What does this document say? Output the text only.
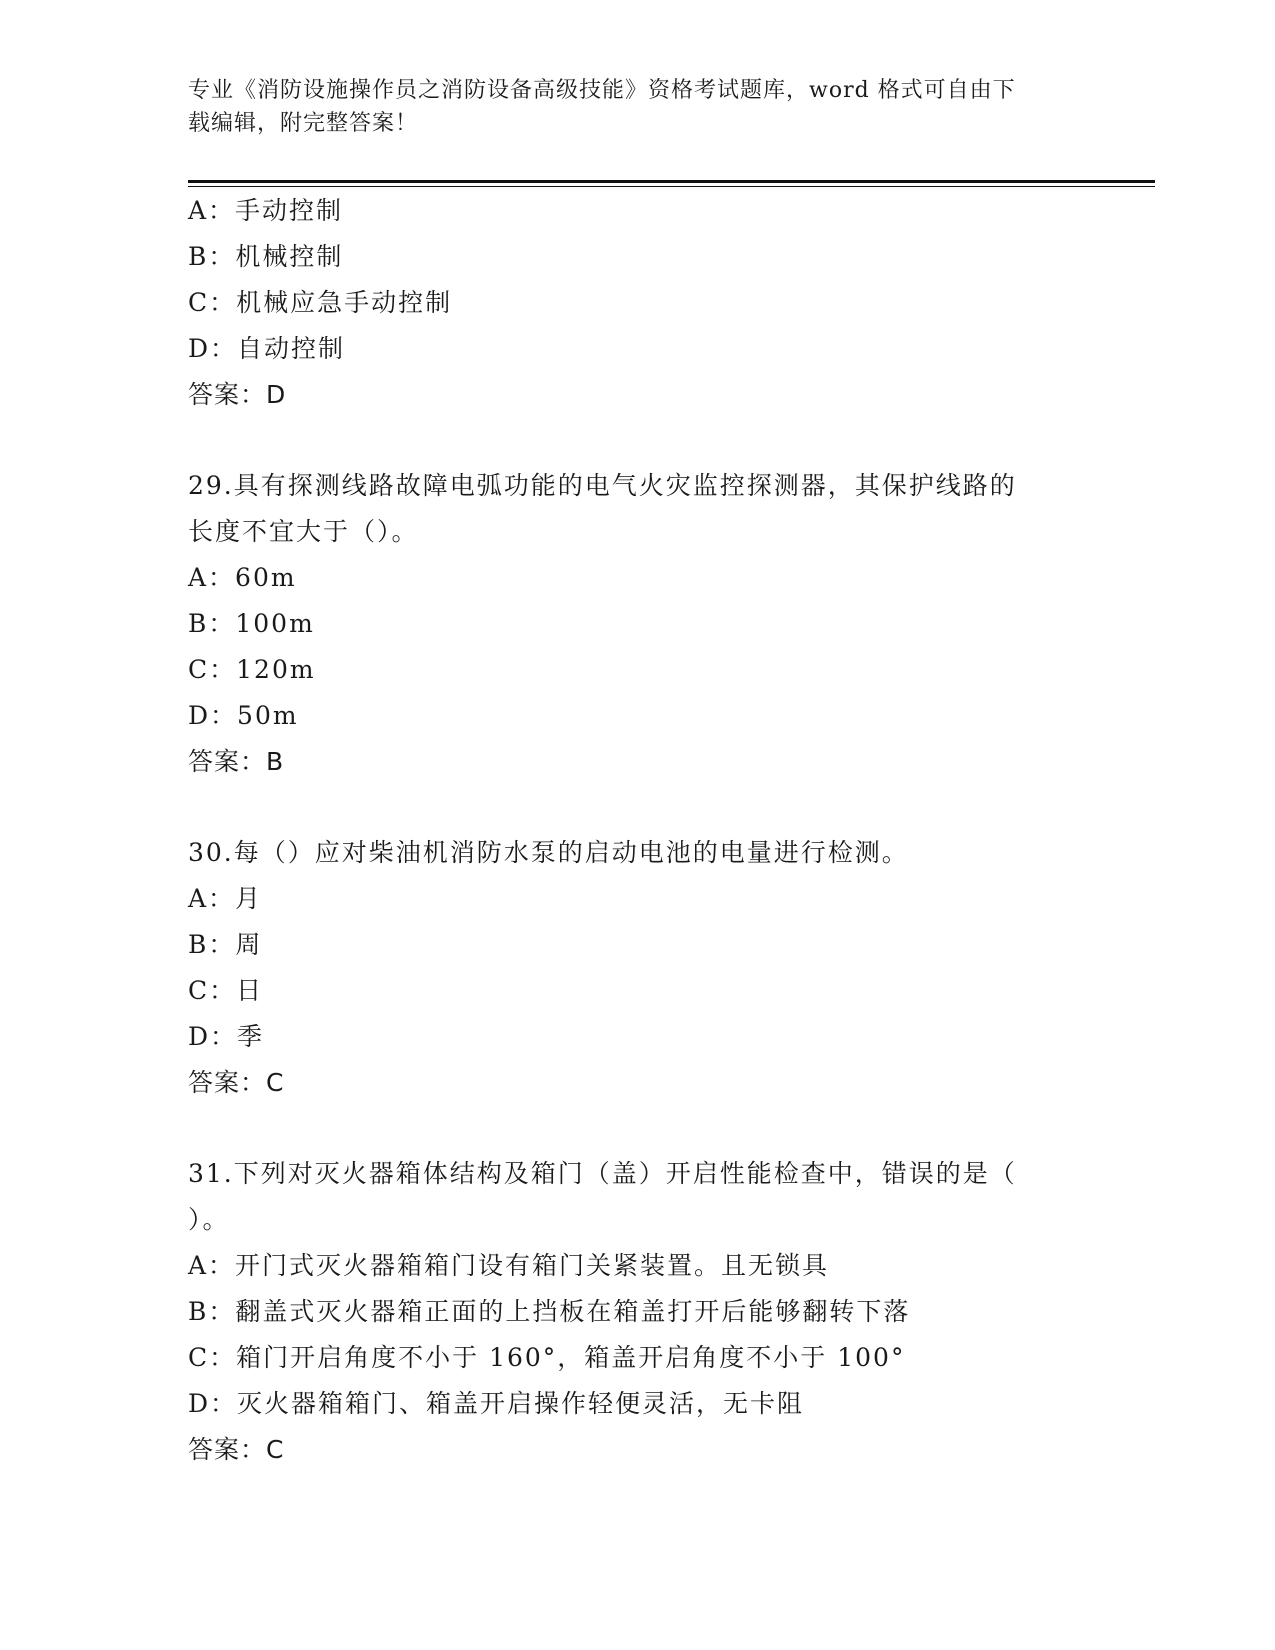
专业《消防设施操作员之消防设备高级技能》资格考试题库，word 格式可自由下
载编辑，附完整答案！
A：手动控制
B：机械控制
C：机械应急手动控制
D：自动控制
答案：D
29.具有探测线路故障电弧功能的电气火灾监控探测器，其保护线路的
长度不宜大于（）。
A：60m
B：100m
C：120m
D：50m
答案：B
30.每（）应对柴油机消防水泵的启动电池的电量进行检测。
A：月
B：周
C：日
D：季
答案：C
31.下列对灭火器箱体结构及箱门（盖）开启性能检查中，错误的是（
）。
A：开门式灭火器箱箱门设有箱门关紧装置。且无锁具
B：翻盖式灭火器箱正面的上挡板在箱盖打开后能够翻转下落
C：箱门开启角度不小于 160°，箱盖开启角度不小于 100°
D：灭火器箱箱门、箱盖开启操作轻便灵活，无卡阻
答案：C
